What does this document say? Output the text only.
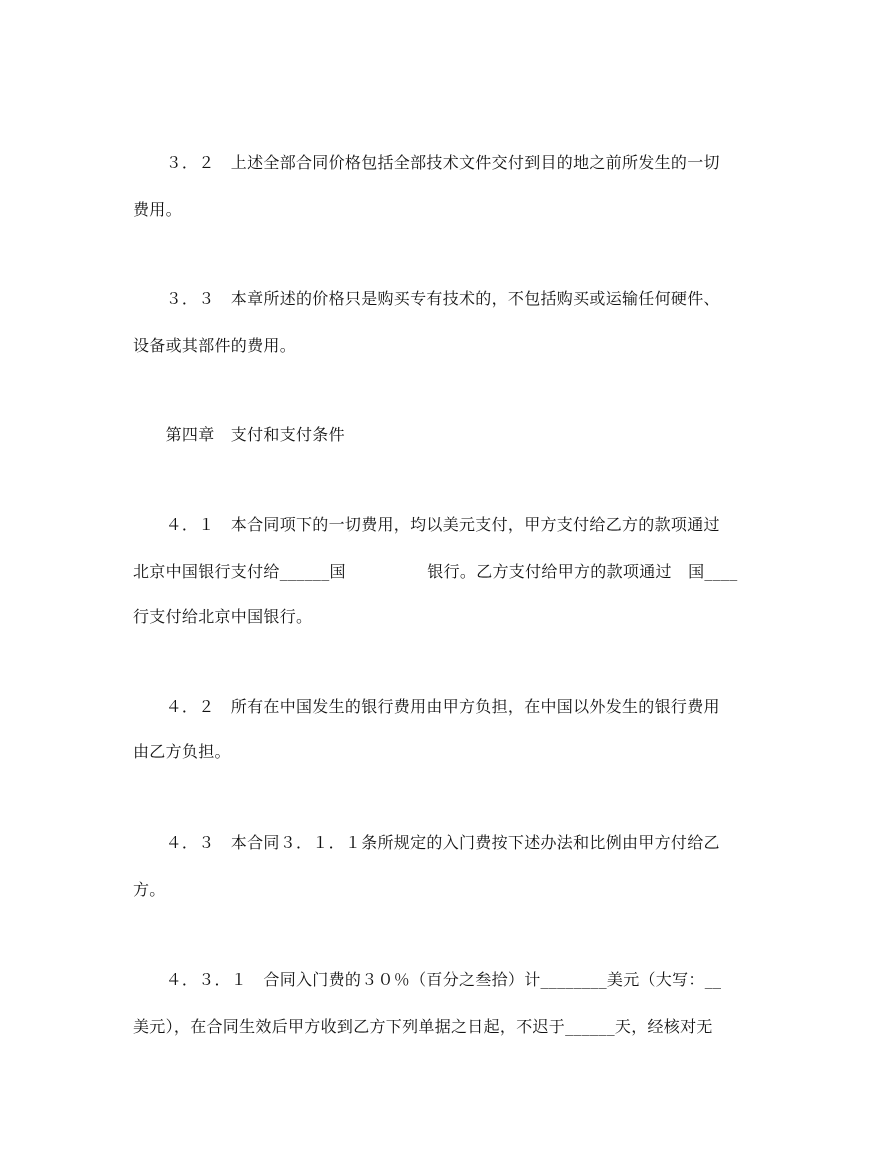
　　３．２　上述全部合同价格包括全部技术文件交付到目的地之前所发生的一切
费用。
　　３．３　本章所述的价格只是购买专有技术的，不包括购买或运输任何硬件、
设备或其部件的费用。
　　第四章　支付和支付条件
　　４．１　本合同项下的一切费用，均以美元支付，甲方支付给乙方的款项通过
北京中国银行支付给______国　　　　　银行。乙方支付给甲方的款项通过　国____
行支付给北京中国银行。
　　４．２　所有在中国发生的银行费用由甲方负担，在中国以外发生的银行费用
由乙方负担。
　　４．３　本合同３．１．１条所规定的入门费按下述办法和比例由甲方付给乙
方。
　　４．３．１　合同入门费的３０％（百分之叁拾）计________美元（大写：__
美元），在合同生效后甲方收到乙方下列单据之日起，不迟于______天，经核对无
